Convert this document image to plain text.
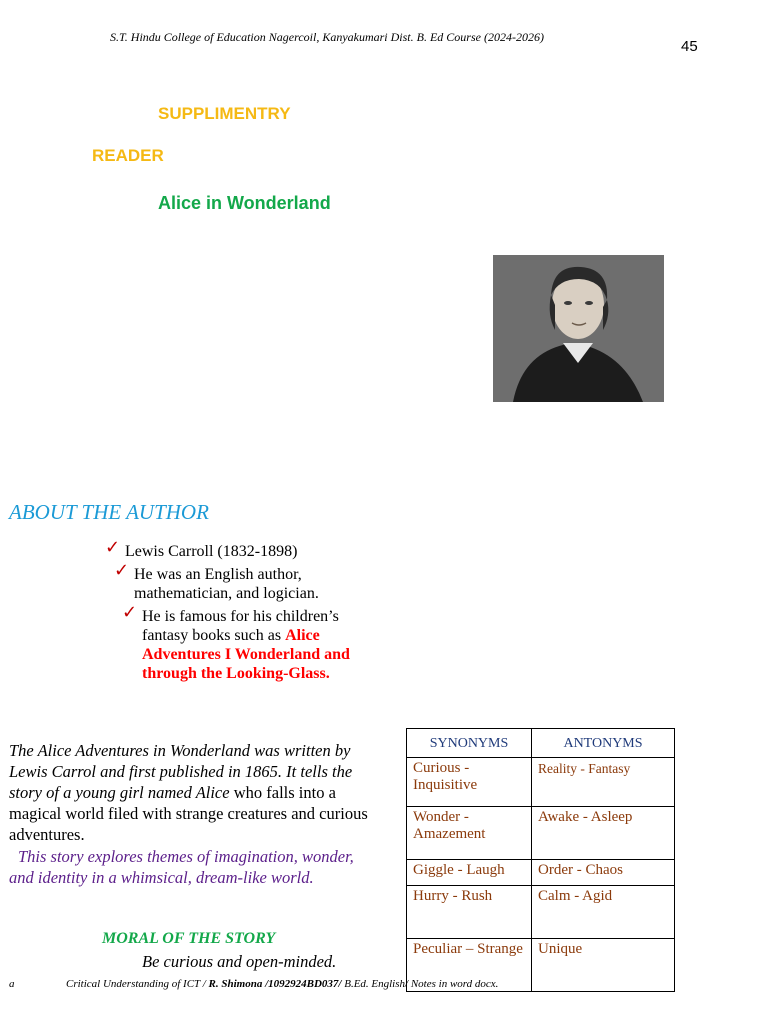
S.T. Hindu College of Education Nagercoil, Kanyakumari Dist. B. Ed Course (2024-2026)
45
SUPPLIMENTRY
READER
Alice in Wonderland
ABOUT THE AUTHOR
✓ Lewis Carroll (1832-1898)
✓ He was an English author, mathematician, and logician.
✓ He is famous for his children’s fantasy books such as Alice Adventures I Wonderland and through the Looking-Glass.
The Alice Adventures in Wonderland was written by Lewis Carrol and first published in 1865. It tells the story of a young girl named Alice who falls into a magical world filed with strange creatures and curious adventures.
This story explores themes of imagination, wonder, and identity in a whimsical, dream-like world.
MORAL OF THE STORY
Be curious and open-minded.
SYNONYMS	ANTONYMS
Curious - Inquisitive	Reality - Fantasy
Wonder - Amazement	Awake - Asleep
Giggle - Laugh	Order - Chaos
Hurry - Rush	Calm - Agid
Peculiar – Strange	Unique
a	Critical Understanding of ICT / R. Shimona /1092924BD037/ B.Ed. English/ Notes in word docx.
